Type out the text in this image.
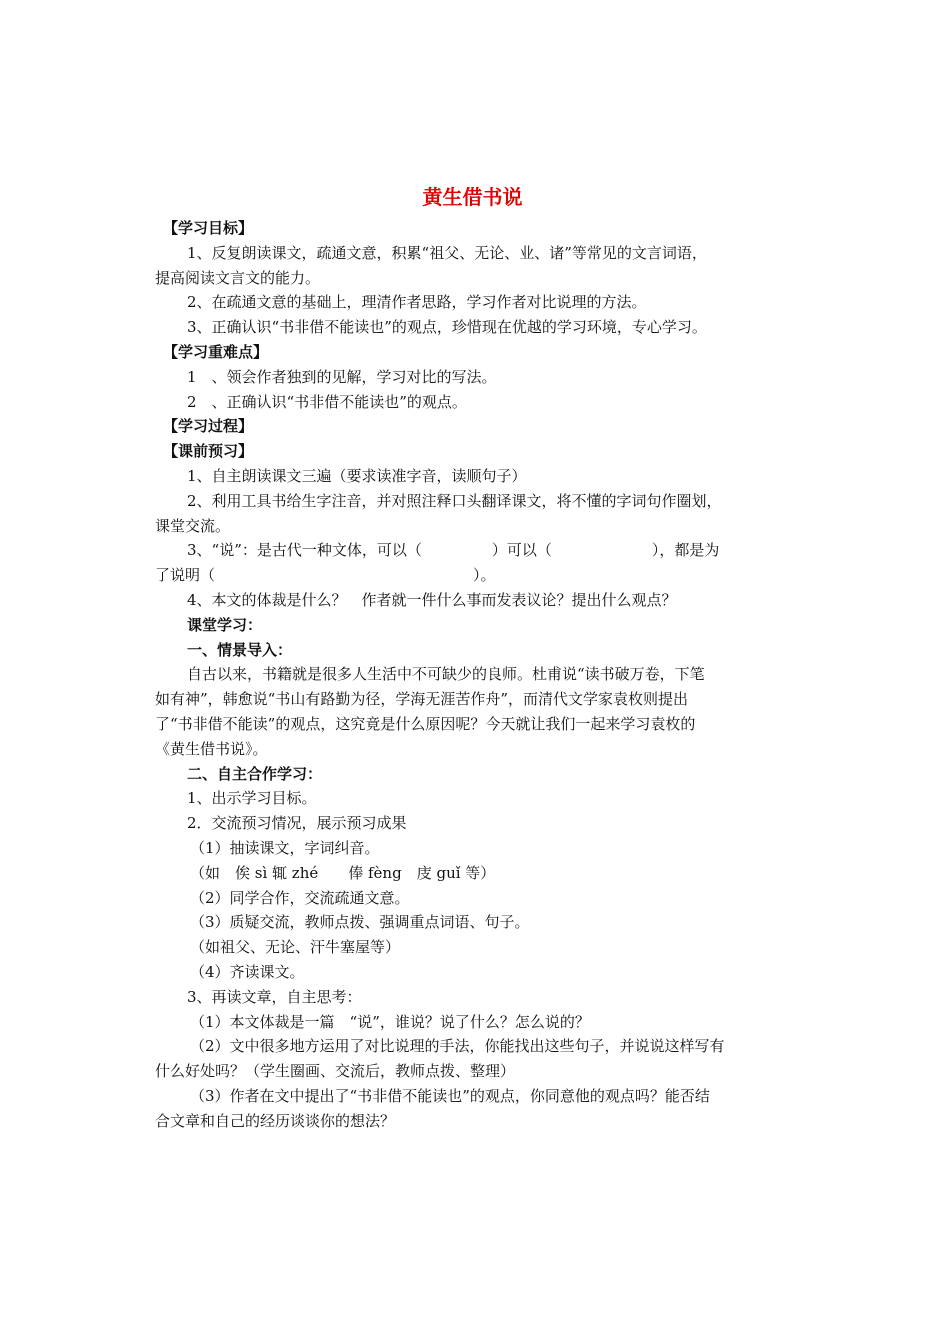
黄生借书说
【学习目标】
1、反复朗读课文，疏通文意，积累“祖父、无论、业、诸”等常见的文言词语，
提高阅读文言文的能力。
2、在疏通文意的基础上，理清作者思路，学习作者对比说理的方法。
3、正确认识“书非借不能读也”的观点，珍惜现在优越的学习环境，专心学习。
【学习重难点】
1　、领会作者独到的见解，学习对比的写法。
2　、正确认识“书非借不能读也”的观点。
【学习过程】
【课前预习】
1、自主朗读课文三遍（要求读准字音，读顺句子）
2、利用工具书给生字注音，并对照注释口头翻译课文，将不懂的字词句作圈划，
课堂交流。
3、“说”：是古代一种文体，可以（	）可以（	），都是为
了说明（	）。
4、本文的体裁是什么？　作者就一件什么事而发表议论？提出什么观点？
课堂学习：
一、情景导入：
自古以来，书籍就是很多人生活中不可缺少的良师。杜甫说“读书破万卷，下笔
如有神”，韩愈说“书山有路勤为径，学海无涯苦作舟”，而清代文学家袁枚则提出
了“书非借不能读”的观点，这究竟是什么原因呢？今天就让我们一起来学习袁枚的
《黄生借书说》。
二、自主合作学习：
1、出示学习目标。
2．交流预习情况，展示预习成果
（1）抽读课文，字词纠音。
（如　俟 sì 辄 zhé　　俸 fèng　庋 guǐ 等）
（2）同学合作，交流疏通文意。
（3）质疑交流，教师点拨、强调重点词语、句子。
（如祖父、无论、汗牛塞屋等）
（4）齐读课文。
3、再读文章，自主思考：
（1）本文体裁是一篇　“说”，谁说？说了什么？怎么说的？
（2）文中很多地方运用了对比说理的手法，你能找出这些句子，并说说这样写有
什么好处吗？（学生圈画、交流后，教师点拨、整理）
（3）作者在文中提出了“书非借不能读也”的观点，你同意他的观点吗？能否结
合文章和自己的经历谈谈你的想法？
